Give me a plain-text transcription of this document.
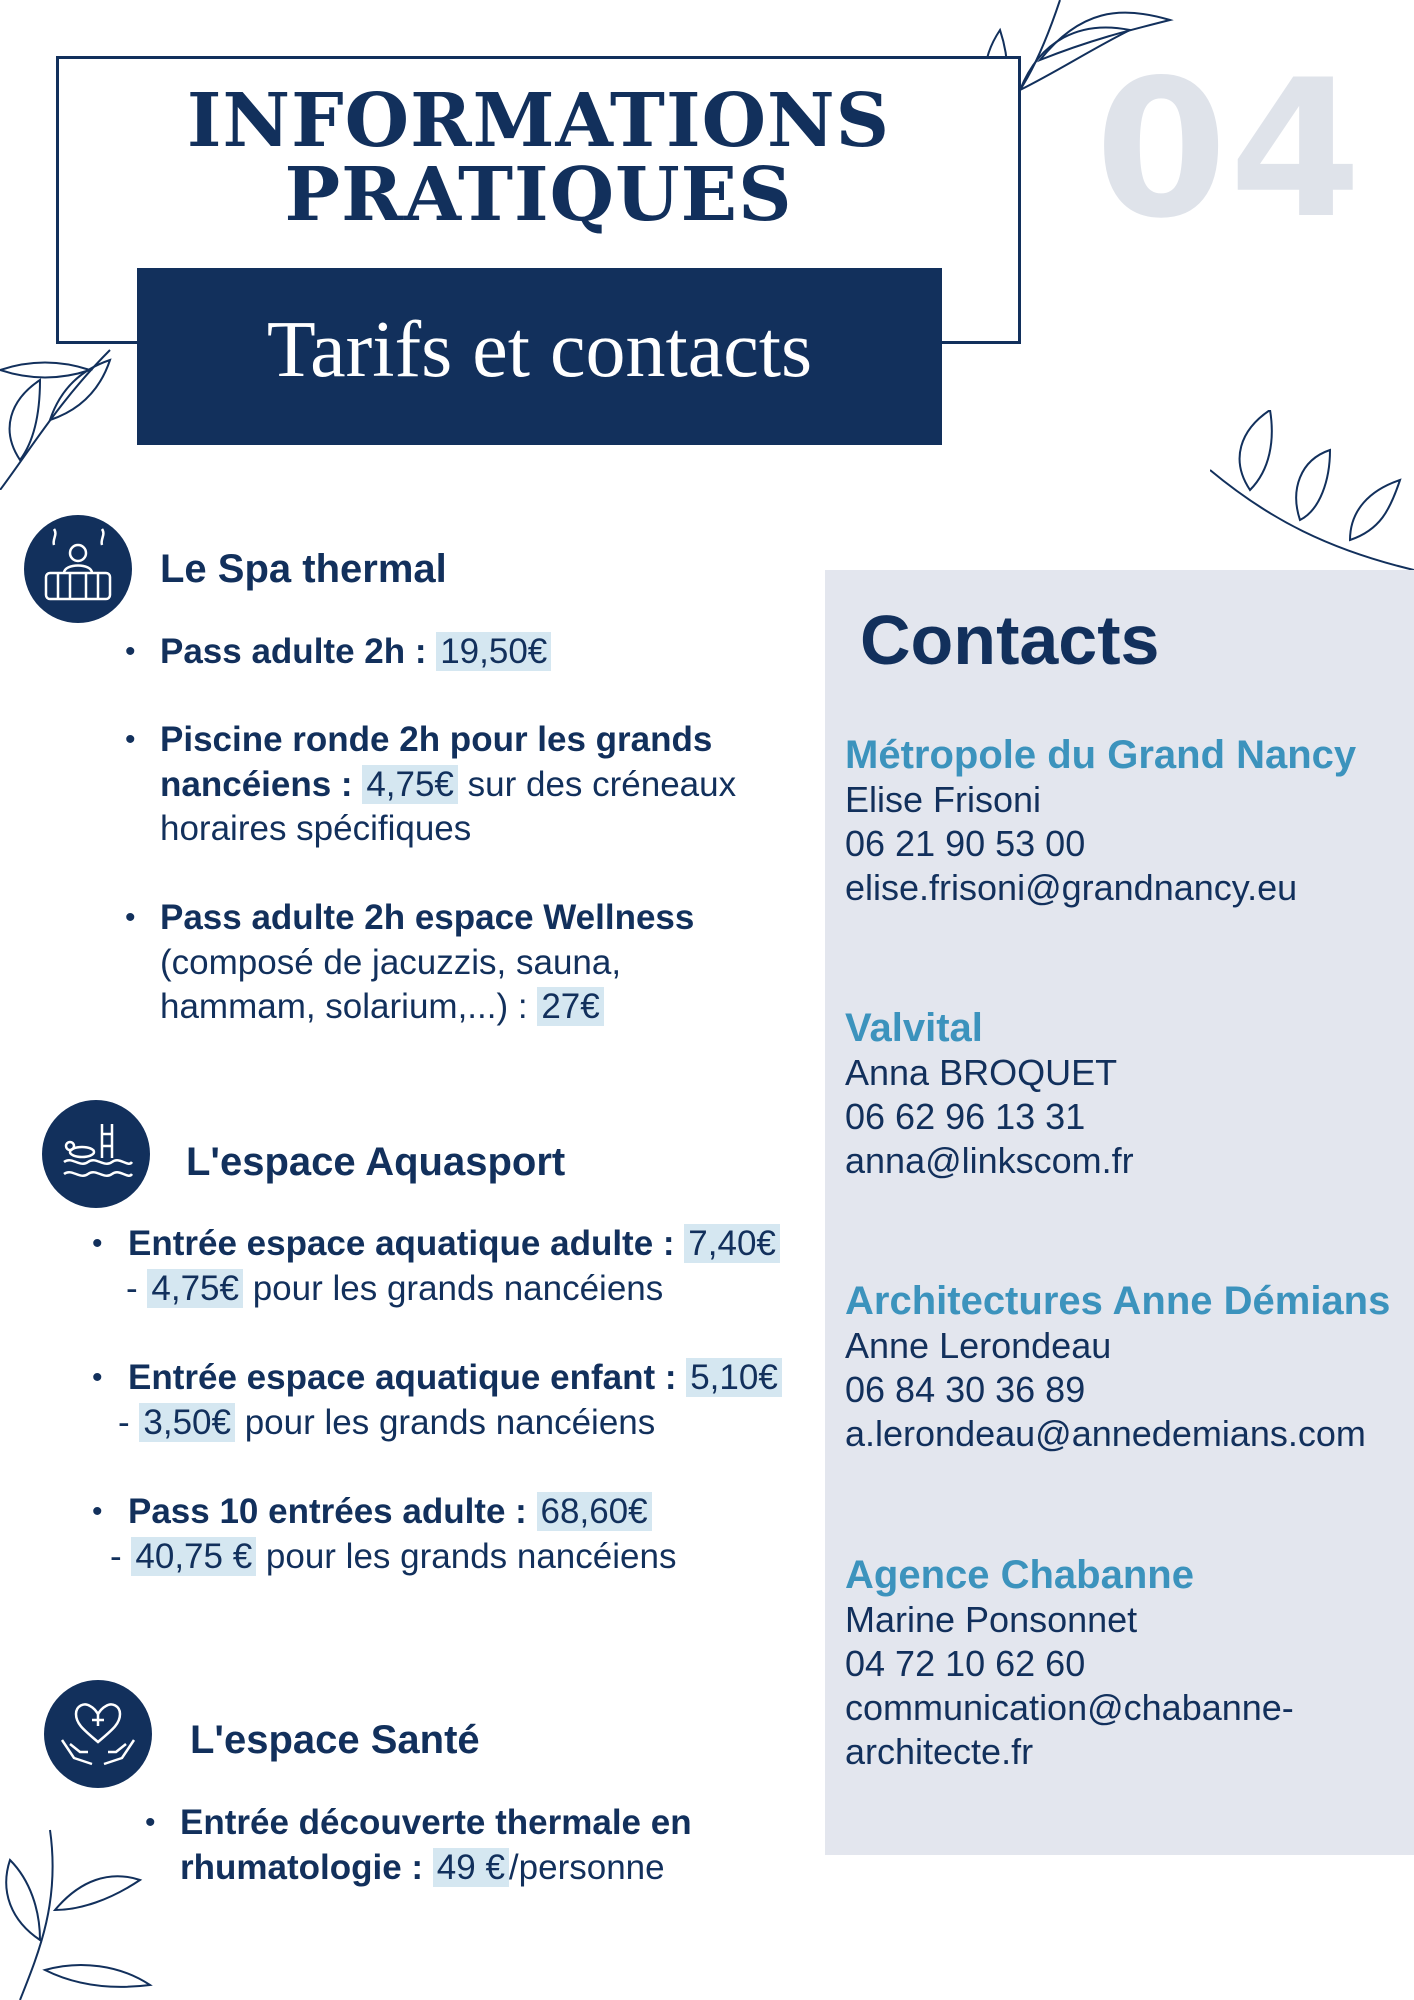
INFORMATIONS
PRATIQUES
Tarifs et contacts
04
Contacts
Métropole du Grand Nancy
Elise Frisoni
06 21 90 53 00
elise.frisoni@grandnancy.eu
Valvital
Anna BROQUET
06 62 96 13 31
anna@linkscom.fr
Architectures Anne Démians
Anne Lerondeau
06 84 30 36 89
a.lerondeau@annedemians.com
Agence Chabanne
Marine Ponsonnet
04 72 10 62 60
communication@chabanne-
architecte.fr
Le Spa thermal
• Pass adulte 2h : 19,50€
• Piscine ronde 2h pour les grands
nancéiens : 4,75€ sur des créneaux
horaires spécifiques
• Pass adulte 2h espace Wellness
(composé de jacuzzis, sauna,
hammam, solarium,...) : 27€
L'espace Aquasport
• Entrée espace aquatique adulte : 7,40€
- 4,75€ pour les grands nancéiens
• Entrée espace aquatique enfant : 5,10€
- 3,50€ pour les grands nancéiens
• Pass 10 entrées adulte : 68,60€
- 40,75 € pour les grands nancéiens
L'espace Santé
• Entrée découverte thermale en
rhumatologie : 49 € /personne
